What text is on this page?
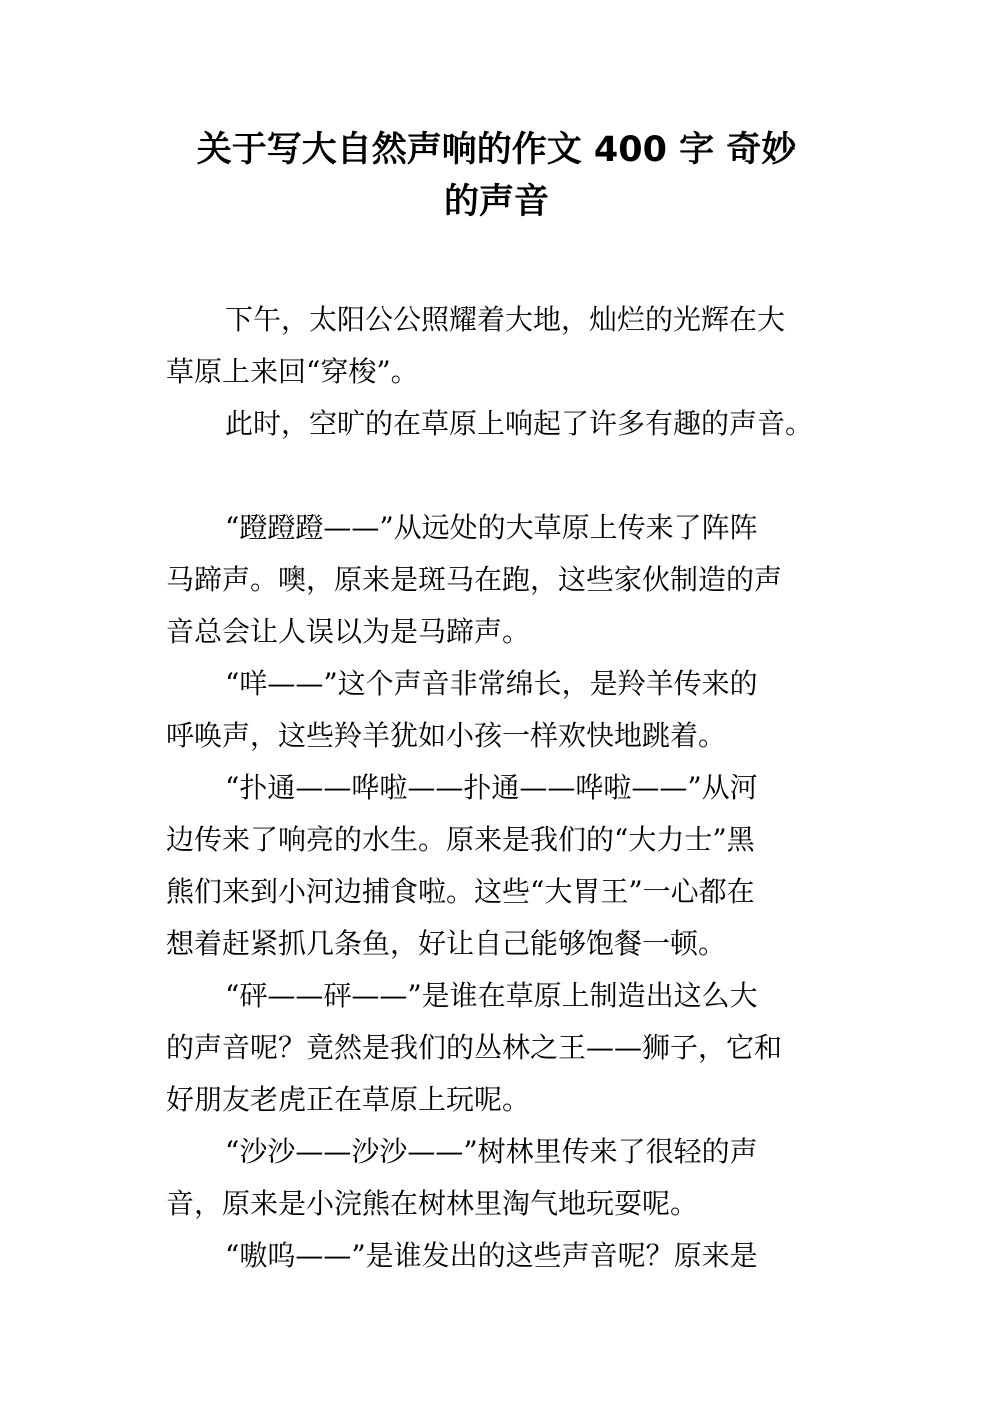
关于写大自然声响的作文 400 字 奇妙
的声音
下午，太阳公公照耀着大地，灿烂的光辉在大
草原上来回“穿梭”。
此时，空旷的在草原上响起了许多有趣的声音。
“蹬蹬蹬——”从远处的大草原上传来了阵阵
马蹄声。噢，原来是斑马在跑，这些家伙制造的声
音总会让人误以为是马蹄声。
“咩——”这个声音非常绵长，是羚羊传来的
呼唤声，这些羚羊犹如小孩一样欢快地跳着。
“扑通——哗啦——扑通——哗啦——”从河
边传来了响亮的水生。原来是我们的“大力士”黑
熊们来到小河边捕食啦。这些“大胃王”一心都在
想着赶紧抓几条鱼，好让自己能够饱餐一顿。
“砰——砰——”是谁在草原上制造出这么大
的声音呢？竟然是我们的丛林之王——狮子，它和
好朋友老虎正在草原上玩呢。
“沙沙——沙沙——”树林里传来了很轻的声
音，原来是小浣熊在树林里淘气地玩耍呢。
“嗷呜——”是谁发出的这些声音呢？原来是
